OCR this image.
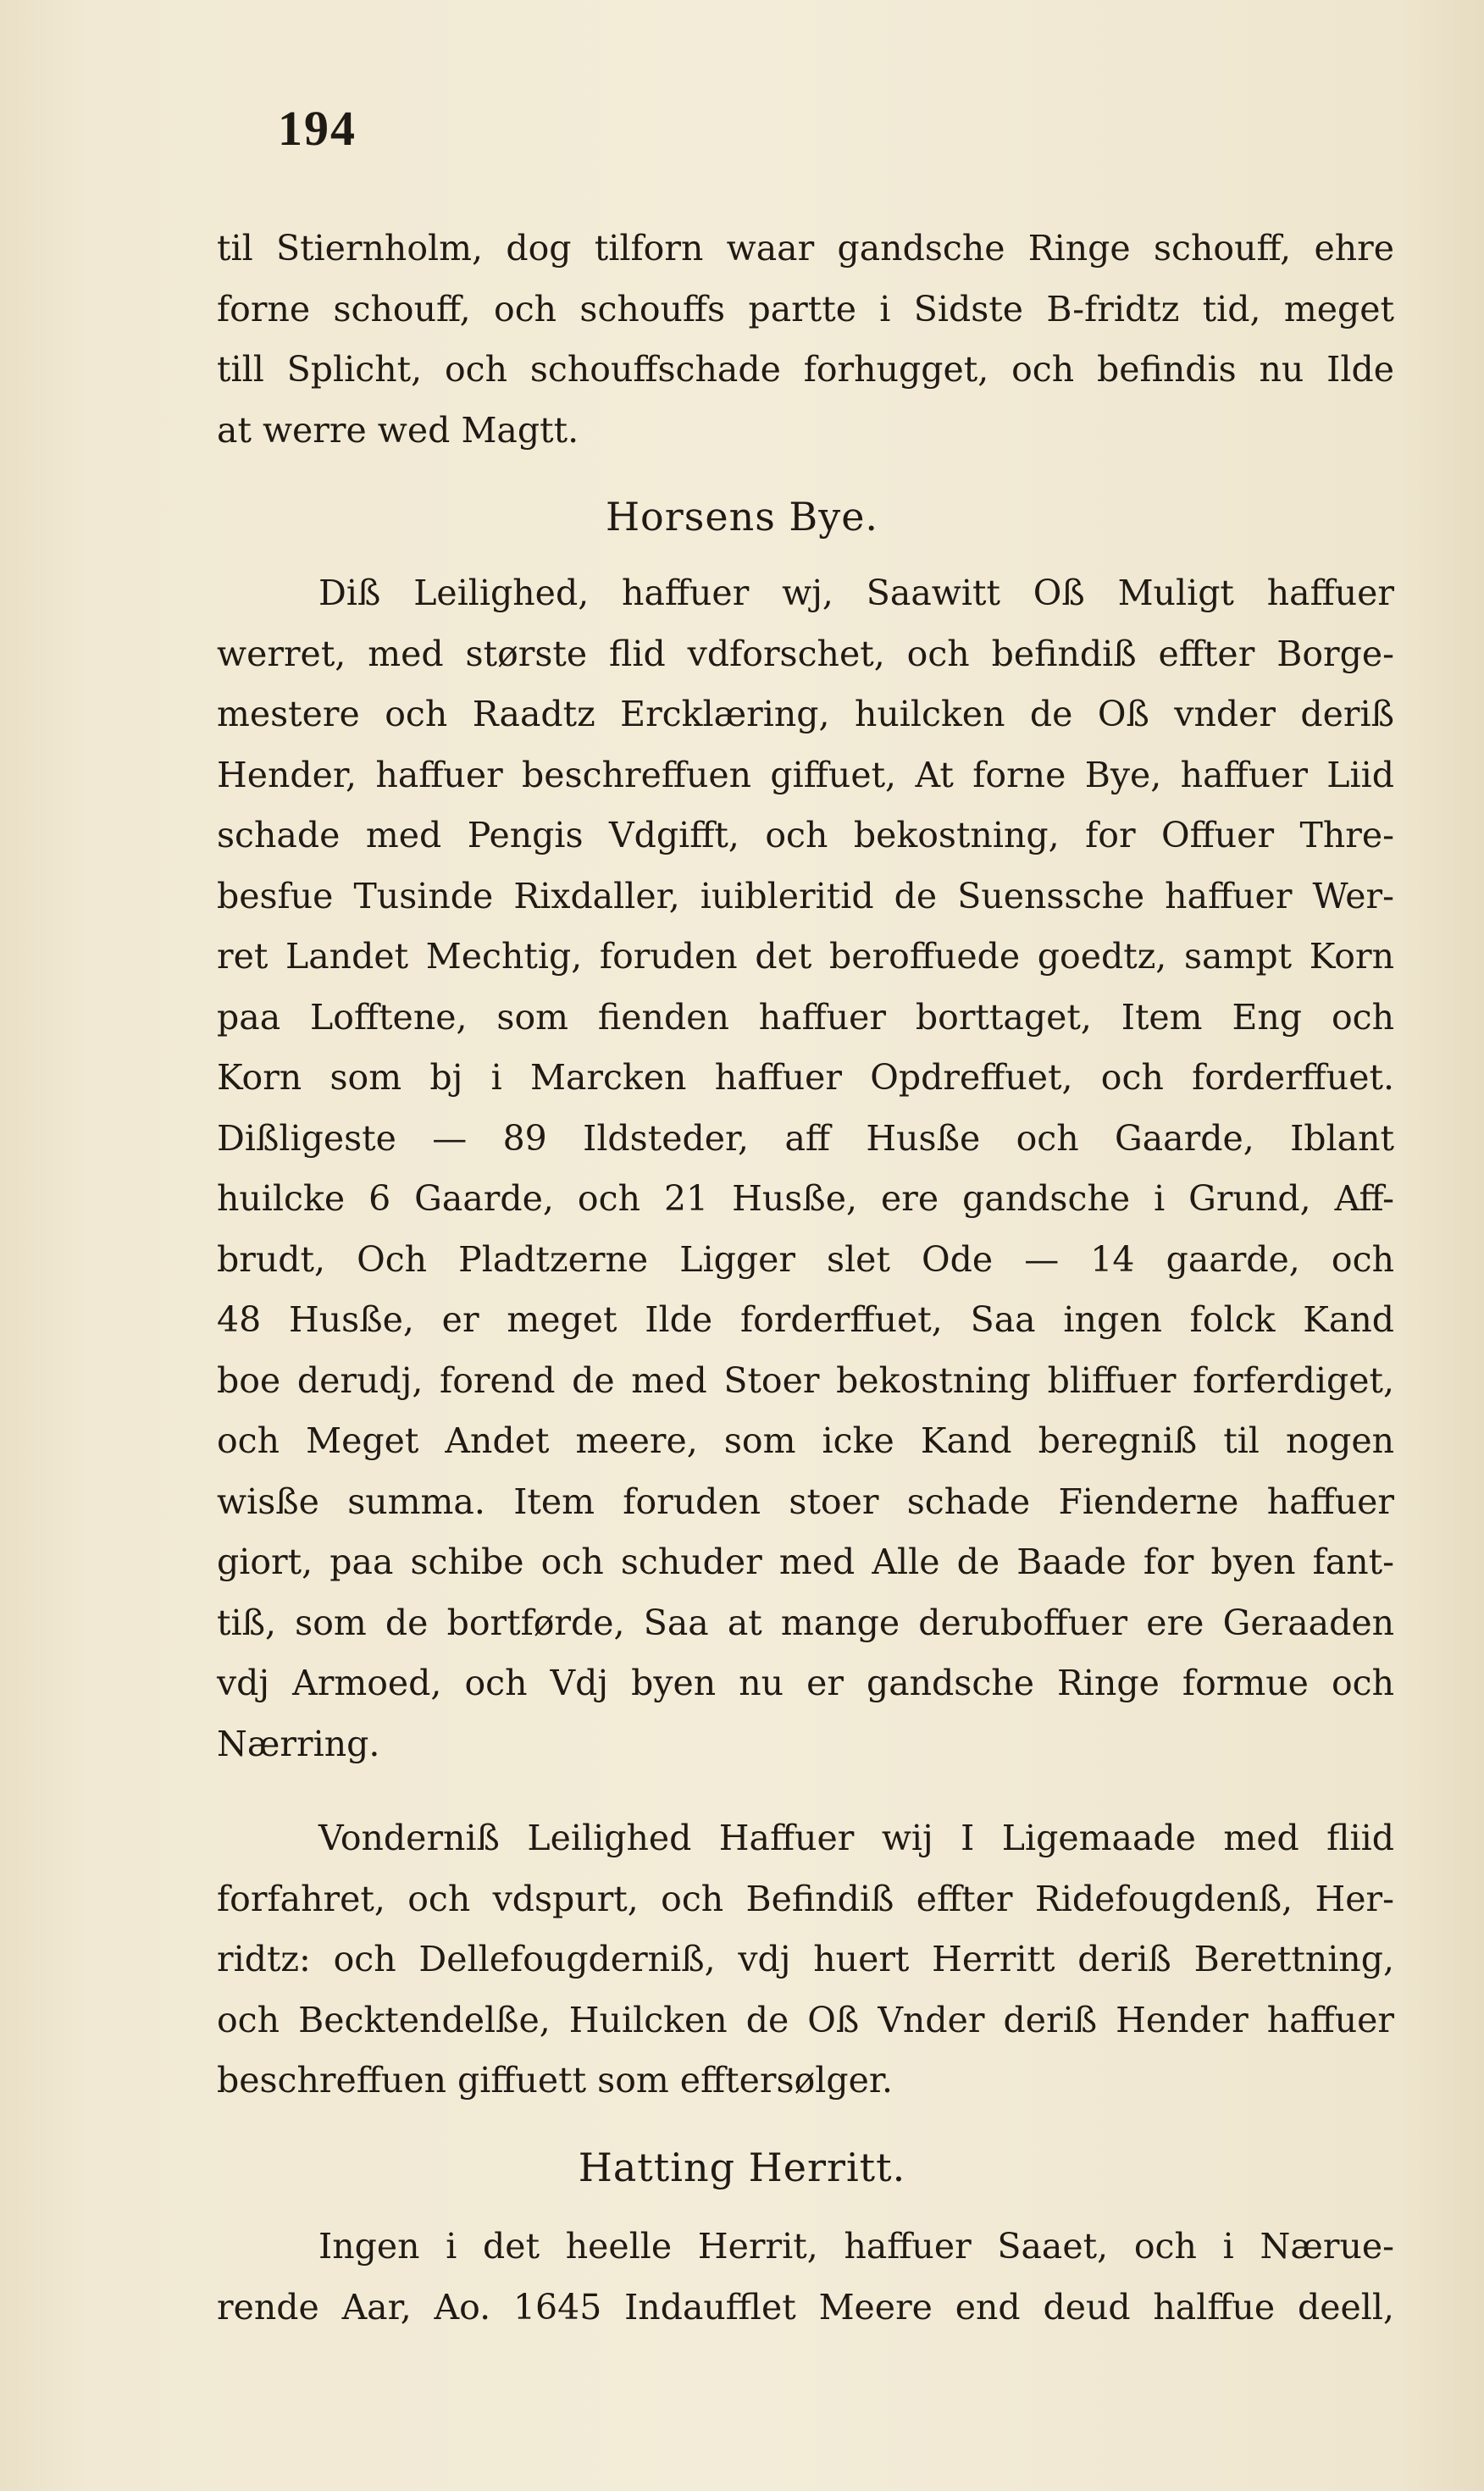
194
til Stiernholm, dog tilforn waar gandsche Ringe schouff, ehre
forne schouff, och schouffs partte i Sidste B-fridtz tid, meget
till Splicht, och schouffschade forhugget, och befindis nu Ilde
at werre wed Magtt.
Horsens Bye.
Diß Leilighed, haffuer wj, Saawitt Oß Muligt haffuer
werret, med største flid vdforschet, och befindiß effter Borge-
mestere och Raadtz Ercklæring, huilcken de Oß vnder deriß
Hender, haffuer beschreffuen giffuet, At forne Bye, haffuer Liid
schade med Pengis Vdgifft, och bekostning, for Offuer Thre-
besfue Tusinde Rixdaller, iuibleritid de Suenssche haffuer Wer-
ret Landet Mechtig, foruden det beroffuede goedtz, sampt Korn
paa Lofftene, som fienden haffuer borttaget, Item Eng och
Korn som bj i Marcken haffuer Opdreffuet, och forderffuet.
Dißligeste — 89 Ildsteder, aff Husße och Gaarde, Iblant
huilcke 6 Gaarde, och 21 Husße, ere gandsche i Grund, Aff-
brudt, Och Pladtzerne Ligger slet Ode — 14 gaarde, och
48 Husße, er meget Ilde forderffuet, Saa ingen folck Kand
boe derudj, forend de med Stoer bekostning bliffuer forferdiget,
och Meget Andet meere, som icke Kand beregniß til nogen
wisße summa. Item foruden stoer schade Fienderne haffuer
giort, paa schibe och schuder med Alle de Baade for byen fant-
tiß, som de bortførde, Saa at mange deruboffuer ere Geraaden
vdj Armoed, och Vdj byen nu er gandsche Ringe formue och
Nærring.
Vonderniß Leilighed Haffuer wij I Ligemaade med fliid
forfahret, och vdspurt, och Befindiß effter Ridefougdenß, Her-
ridtz: och Dellefougderniß, vdj huert Herritt deriß Berettning,
och Becktendelße, Huilcken de Oß Vnder deriß Hender haffuer
beschreffuen giffuett som efftersølger.
Hatting Herritt.
Ingen i det heelle Herrit, haffuer Saaet, och i Nærue-
rende Aar, Ao. 1645 Indaufflet Meere end deud halffue deell,
